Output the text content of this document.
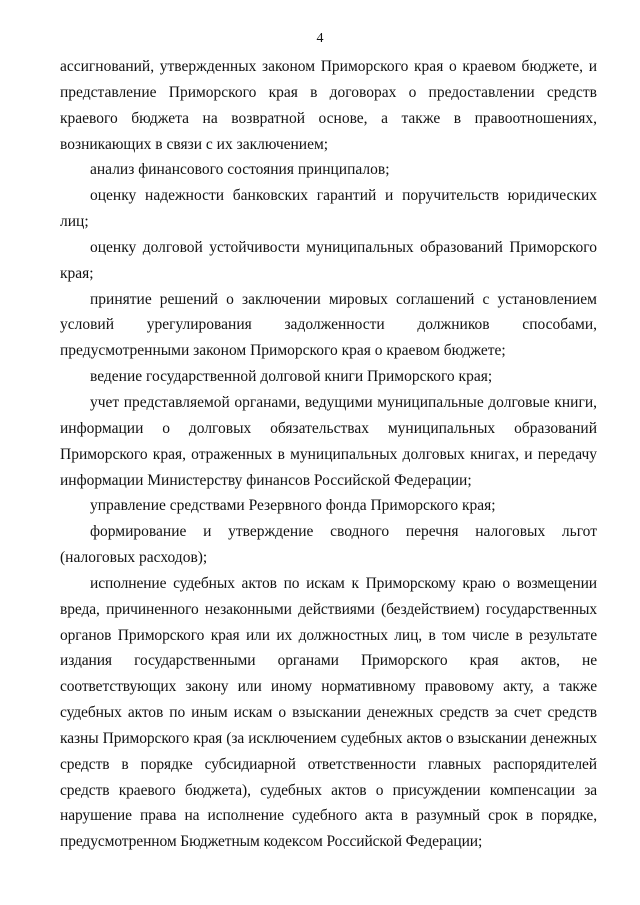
4

ассигнований, утвержденных законом Приморского края о краевом бюджете, и представление Приморского края в договорах о предоставлении средств краевого бюджета на возвратной основе, а также в правоотношениях, возникающих в связи с их заключением;

анализ финансового состояния принципалов;

оценку надежности банковских гарантий и поручительств юридических лиц;

оценку долговой устойчивости муниципальных образований Приморского края;

принятие решений о заключении мировых соглашений с установлением условий урегулирования задолженности должников способами, предусмотренными законом Приморского края о краевом бюджете;

ведение государственной долговой книги Приморского края;

учет представляемой органами, ведущими муниципальные долговые книги, информации о долговых обязательствах муниципальных образований Приморского края, отраженных в муниципальных долговых книгах, и передачу информации Министерству финансов Российской Федерации;

управление средствами Резервного фонда Приморского края;

формирование и утверждение сводного перечня налоговых льгот (налоговых расходов);

исполнение судебных актов по искам к Приморскому краю о возмещении вреда, причиненного незаконными действиями (бездействием) государственных органов Приморского края или их должностных лиц, в том числе в результате издания государственными органами Приморского края актов, не соответствующих закону или иному нормативному правовому акту, а также судебных актов по иным искам о взыскании денежных средств за счет средств казны Приморского края (за исключением судебных актов о взыскании денежных средств в порядке субсидиарной ответственности главных распорядителей средств краевого бюджета), судебных актов о присуждении компенсации за нарушение права на исполнение судебного акта в разумный срок в порядке, предусмотренном Бюджетным кодексом Российской Федерации;
